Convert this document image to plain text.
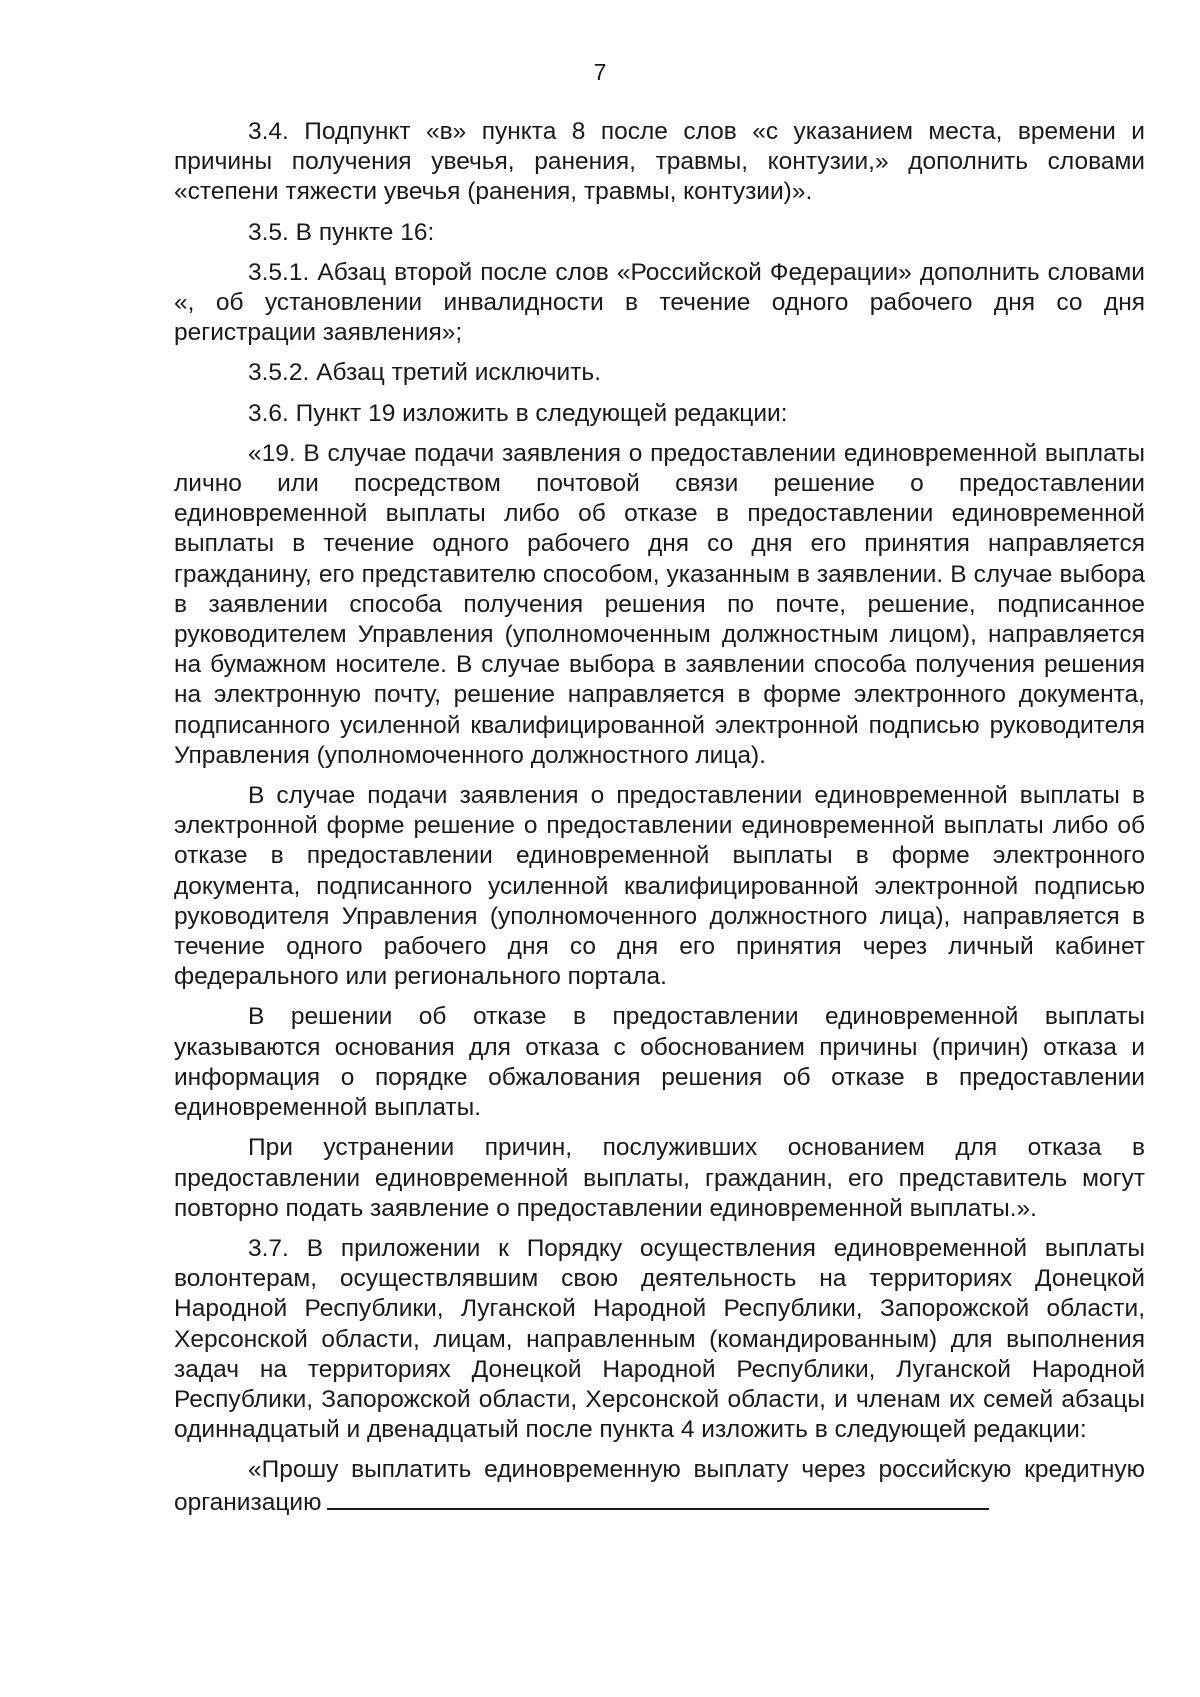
7

3.4. Подпункт «в» пункта 8 после слов «с указанием места, времени и причины получения увечья, ранения, травмы, контузии,» дополнить словами «степени тяжести увечья (ранения, травмы, контузии)».

3.5. В пункте 16:

3.5.1. Абзац второй после слов «Российской Федерации» дополнить словами «, об установлении инвалидности в течение одного рабочего дня со дня регистрации заявления»;

3.5.2. Абзац третий исключить.

3.6. Пункт 19 изложить в следующей редакции:

«19. В случае подачи заявления о предоставлении единовременной выплаты лично или посредством почтовой связи решение о предоставлении единовременной выплаты либо об отказе в предоставлении единовременной выплаты в течение одного рабочего дня со дня его принятия направляется гражданину, его представителю способом, указанным в заявлении. В случае выбора в заявлении способа получения решения по почте, решение, подписанное руководителем Управления (уполномоченным должностным лицом), направляется на бумажном носителе. В случае выбора в заявлении способа получения решения на электронную почту, решение направляется в форме электронного документа, подписанного усиленной квалифицированной электронной подписью руководителя Управления (уполномоченного должностного лица).

В случае подачи заявления о предоставлении единовременной выплаты в электронной форме решение о предоставлении единовременной выплаты либо об отказе в предоставлении единовременной выплаты в форме электронного документа, подписанного усиленной квалифицированной электронной подписью руководителя Управления (уполномоченного должностного лица), направляется в течение одного рабочего дня со дня его принятия через личный кабинет федерального или регионального портала.

В решении об отказе в предоставлении единовременной выплаты указываются основания для отказа с обоснованием причины (причин) отказа и информация о порядке обжалования решения об отказе в предоставлении единовременной выплаты.

При устранении причин, послуживших основанием для отказа в предоставлении единовременной выплаты, гражданин, его представитель могут повторно подать заявление о предоставлении единовременной выплаты.».

3.7. В приложении к Порядку осуществления единовременной выплаты волонтерам, осуществлявшим свою деятельность на территориях Донецкой Народной Республики, Луганской Народной Республики, Запорожской области, Херсонской области, лицам, направленным (командированным) для выполнения задач на территориях Донецкой Народной Республики, Луганской Народной Республики, Запорожской области, Херсонской области, и членам их семей абзацы одиннадцатый и двенадцатый после пункта 4 изложить в следующей редакции:

«Прошу выплатить единовременную выплату через российскую кредитную организацию
